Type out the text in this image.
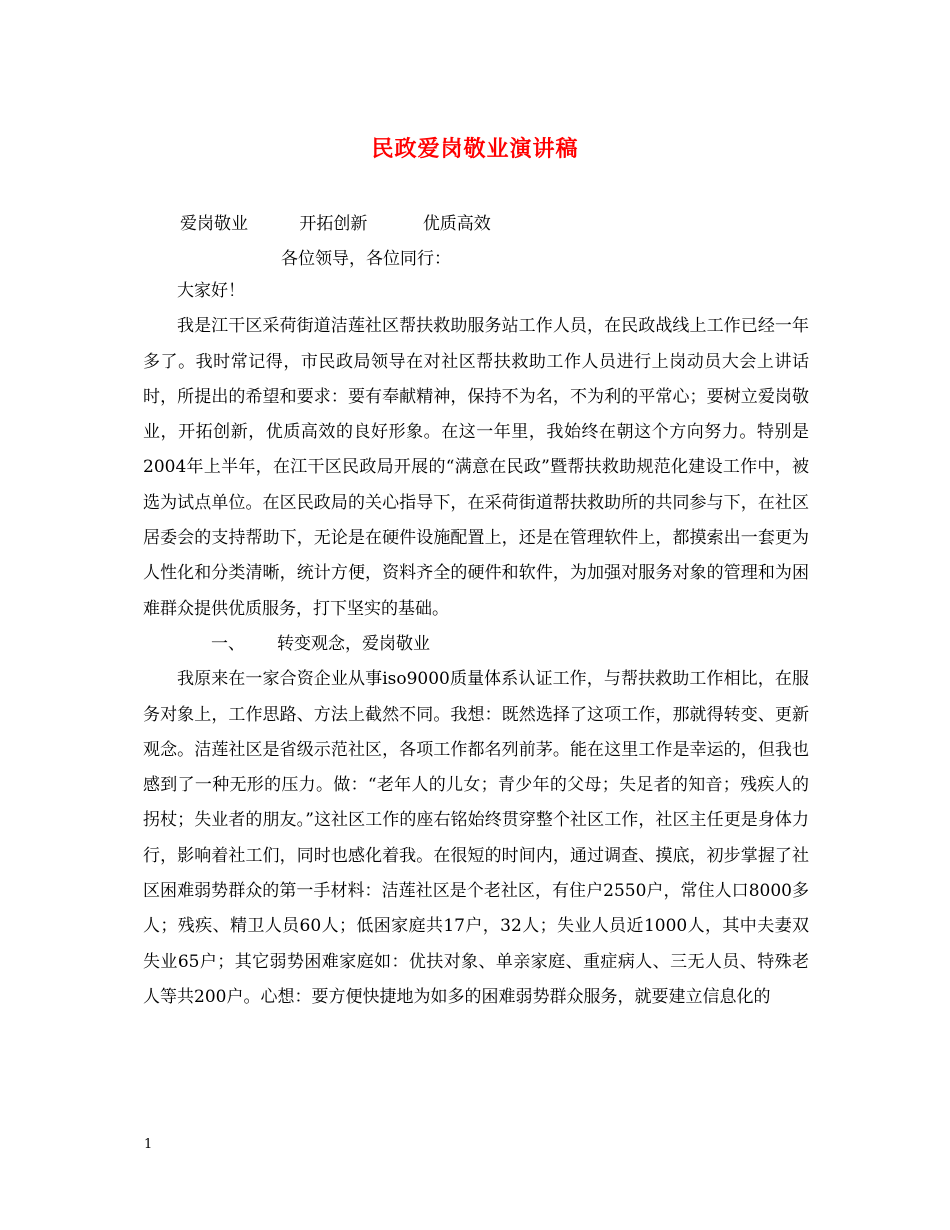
民政爱岗敬业演讲稿
爱岗敬业	开拓创新	优质高效
各位领导，各位同行：

大家好！

我是江干区采荷街道洁莲社区帮扶救助服务站工作人员，在民政战线上工作已经一年多了。我时常记得，市民政局领导在对社区帮扶救助工作人员进行上岗动员大会上讲话时，所提出的希望和要求：要有奉献精神，保持不为名，不为利的平常心；要树立爱岗敬业，开拓创新，优质高效的良好形象。在这一年里，我始终在朝这个方向努力。特别是2004年上半年，在江干区民政局开展的“满意在民政”暨帮扶救助规范化建设工作中，被选为试点单位。在区民政局的关心指导下，在采荷街道帮扶救助所的共同参与下，在社区居委会的支持帮助下，无论是在硬件设施配置上，还是在管理软件上，都摸索出一套更为人性化和分类清晰，统计方便，资料齐全的硬件和软件，为加强对服务对象的管理和为困难群众提供优质服务，打下坚实的基础。

一、 转变观念，爱岗敬业

我原来在一家合资企业从事iso9000质量体系认证工作，与帮扶救助工作相比，在服务对象上，工作思路、方法上截然不同。我想：既然选择了这项工作，那就得转变、更新观念。洁莲社区是省级示范社区，各项工作都名列前茅。能在这里工作是幸运的，但我也感到了一种无形的压力。做：“老年人的儿女；青少年的父母；失足者的知音；残疾人的拐杖；失业者的朋友。”这社区工作的座右铭始终贯穿整个社区工作，社区主任更是身体力行，影响着社工们，同时也感化着我。在很短的时间内，通过调查、摸底，初步掌握了社区困难弱势群众的第一手材料：洁莲社区是个老社区，有住户2550户，常住人口8000多人；残疾、精卫人员60人；低困家庭共17户，32人；失业人员近1000人，其中夫妻双失业65户；其它弱势困难家庭如：优扶对象、单亲家庭、重症病人、三无人员、特殊老人等共200户。心想：要方便快捷地为如多的困难弱势群众服务，就要建立信息化的

1
